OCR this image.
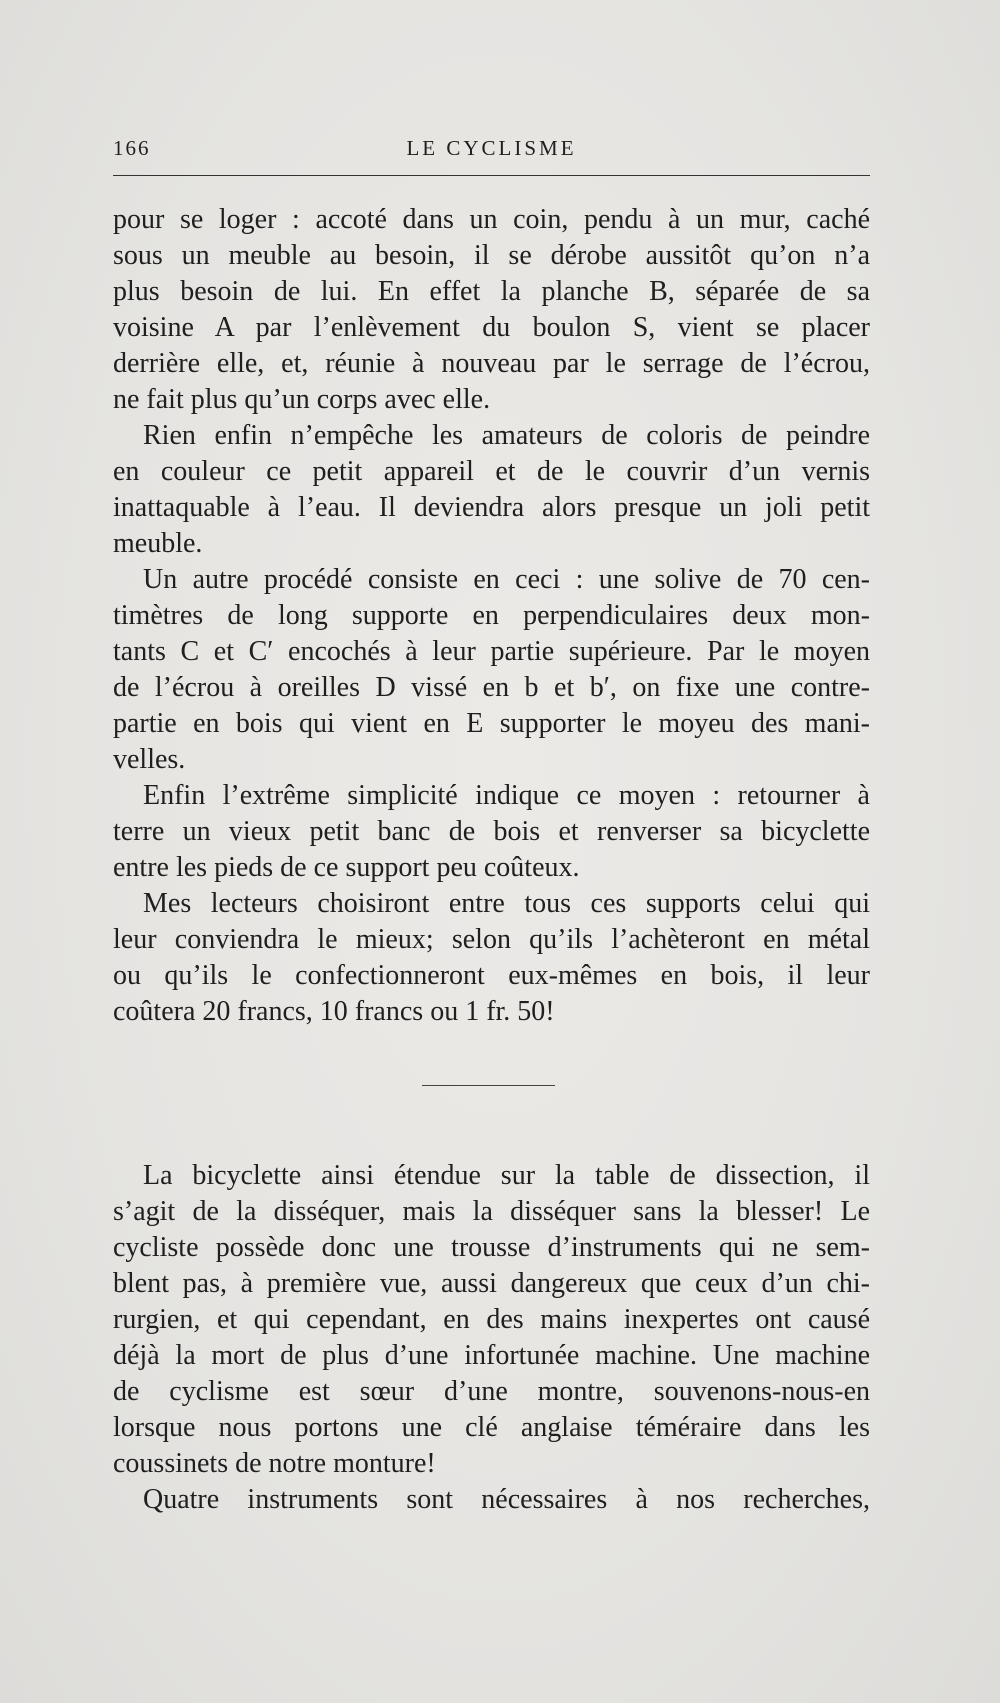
166	LE CYCLISME
pour se loger : accoté dans un coin, pendu à un mur, caché
sous un meuble au besoin, il se dérobe aussitôt qu’on n’a
plus besoin de lui. En effet la planche B, séparée de sa
voisine A par l’enlèvement du boulon S, vient se placer
derrière elle, et, réunie à nouveau par le serrage de l’écrou,
ne fait plus qu’un corps avec elle.
Rien enfin n’empêche les amateurs de coloris de peindre
en couleur ce petit appareil et de le couvrir d’un vernis
inattaquable à l’eau. Il deviendra alors presque un joli petit
meuble.
Un autre procédé consiste en ceci : une solive de 70 cen-
timètres de long supporte en perpendiculaires deux mon-
tants C et C′ encochés à leur partie supérieure. Par le moyen
de l’écrou à oreilles D vissé en b et b′, on fixe une contre-
partie en bois qui vient en E supporter le moyeu des mani-
velles.
Enfin l’extrême simplicité indique ce moyen : retourner à
terre un vieux petit banc de bois et renverser sa bicyclette
entre les pieds de ce support peu coûteux.
Mes lecteurs choisiront entre tous ces supports celui qui
leur conviendra le mieux; selon qu’ils l’achèteront en métal
ou qu’ils le confectionneront eux-mêmes en bois, il leur
coûtera 20 francs, 10 francs ou 1 fr. 50!
La bicyclette ainsi étendue sur la table de dissection, il
s’agit de la disséquer, mais la disséquer sans la blesser! Le
cycliste possède donc une trousse d’instruments qui ne sem-
blent pas, à première vue, aussi dangereux que ceux d’un chi-
rurgien, et qui cependant, en des mains inexpertes ont causé
déjà la mort de plus d’une infortunée machine. Une machine
de cyclisme est sœur d’une montre, souvenons-nous-en
lorsque nous portons une clé anglaise téméraire dans les
coussinets de notre monture!
Quatre instruments sont nécessaires à nos recherches,
